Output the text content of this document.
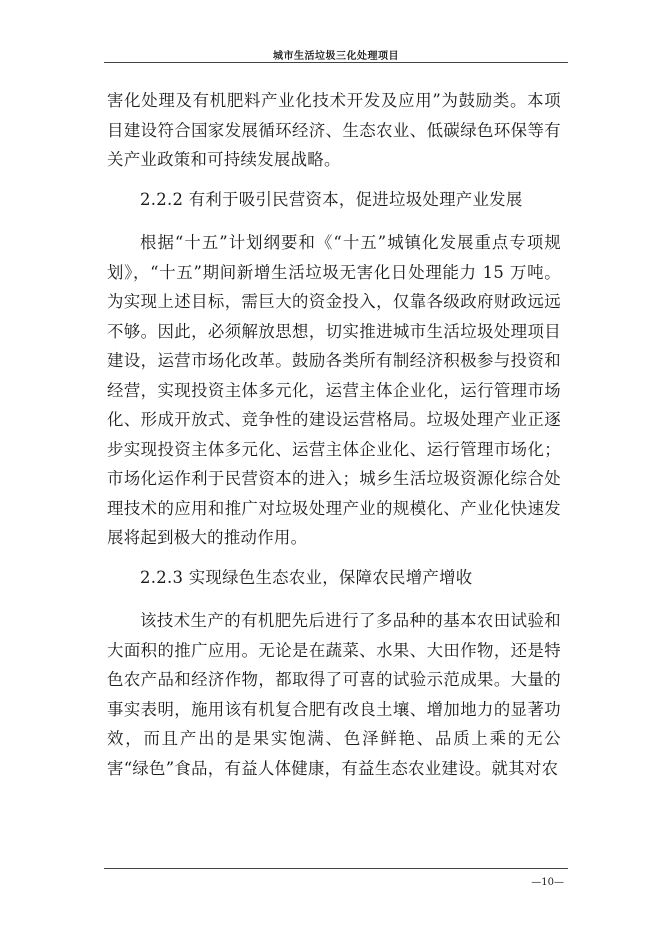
城市生活垃圾三化处理项目

害化处理及有机肥料产业化技术开发及应用”为鼓励类。本项目建设符合国家发展循环经济、生态农业、低碳绿色环保等有关产业政策和可持续发展战略。

2.2.2 有利于吸引民营资本，促进垃圾处理产业发展

根据“十五”计划纲要和《“十五”城镇化发展重点专项规划》，“十五”期间新增生活垃圾无害化日处理能力 15 万吨。为实现上述目标，需巨大的资金投入，仅靠各级政府财政远远不够。因此，必须解放思想，切实推进城市生活垃圾处理项目建设，运营市场化改革。鼓励各类所有制经济积极参与投资和经营，实现投资主体多元化，运营主体企业化，运行管理市场化、形成开放式、竞争性的建设运营格局。垃圾处理产业正逐步实现投资主体多元化、运营主体企业化、运行管理市场化；市场化运作利于民营资本的进入；城乡生活垃圾资源化综合处理技术的应用和推广对垃圾处理产业的规模化、产业化快速发展将起到极大的推动作用。

2.2.3 实现绿色生态农业，保障农民增产增收

该技术生产的有机肥先后进行了多品种的基本农田试验和大面积的推广应用。无论是在蔬菜、水果、大田作物，还是特色农产品和经济作物，都取得了可喜的试验示范成果。大量的事实表明，施用该有机复合肥有改良土壤、增加地力的显著功效，而且产出的是果实饱满、色泽鲜艳、品质上乘的无公害“绿色”食品，有益人体健康，有益生态农业建设。就其对农

—10—
